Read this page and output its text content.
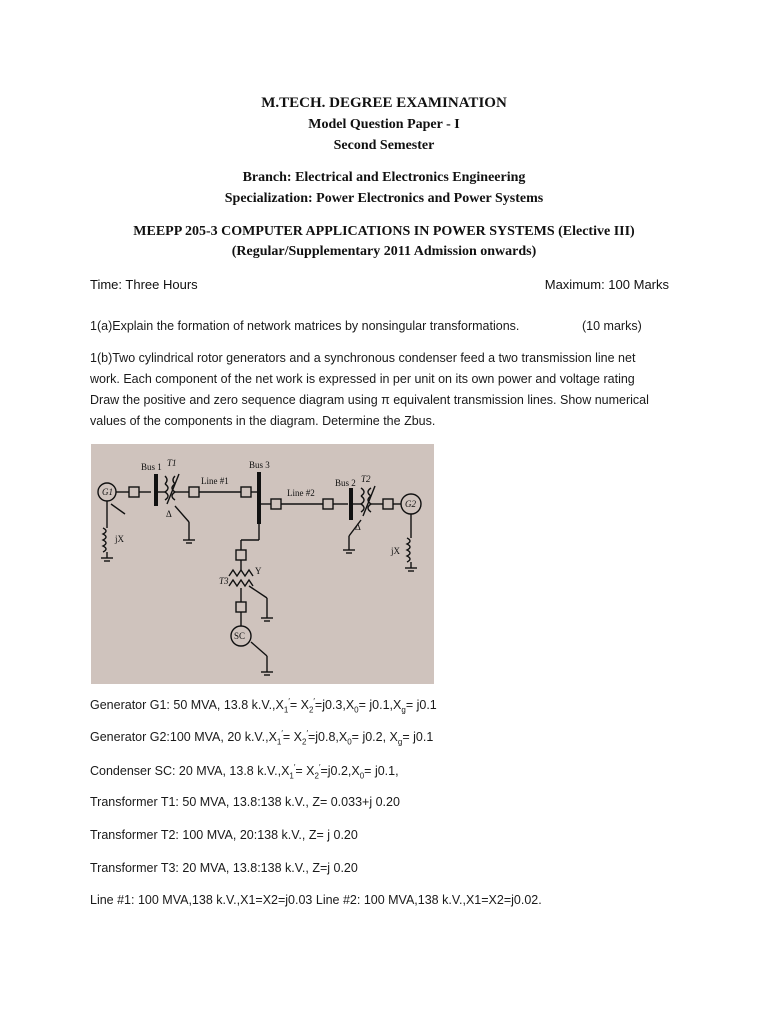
M.TECH. DEGREE EXAMINATION
Model Question Paper - I
Second Semester
Branch: Electrical and Electronics Engineering
Specialization: Power Electronics and Power Systems
MEEPP 205-3 COMPUTER APPLICATIONS IN POWER SYSTEMS (Elective III)
(Regular/Supplementary 2011 Admission onwards)
Time: Three Hours	Maximum: 100 Marks
1(a)Explain the formation of network matrices by nonsingular transformations.	(10 marks)
1(b)Two cylindrical rotor generators and a synchronous condenser feed a two transmission line net
work. Each component of the net work is expressed in per unit on its own power and voltage rating
Draw the positive and zero sequence diagram using π equivalent transmission lines. Show numerical
values of the components in the diagram. Determine the Zbus.
Bus 1 T1
Line #1
Bus 3
Line #2
Bus 2 T2
G1
G2
SC
T3
Δ
Δ
Y
jX
jX
Generator G1: 50 MVA, 13.8 $k.V.,X_1'= X_2'=j0.3,X_0= j0.1,X_g= j0.1$
Generator G2:100 MVA, 20 $k.V.,X_1'= X_2'=j0.8,X_0= j0.2$, $X_g= j0.1$
Condenser SC: 20 MVA, 13.8 $k.V.,X_1'= X_2'=j0.2,X_0= j0.1$,
Transformer T1: 50 MVA, 13.8:138 k.V., Z= 0.033+j 0.20
Transformer T2: 100 MVA, 20:138 k.V., Z= j 0.20
Transformer T3: 20 MVA, 13.8:138 k.V., Z=j 0.20
Line #1: 100 MVA,138 k.V.,X1=X2=j0.03 Line #2: 100 MVA,138 k.V.,X1=X2=j0.02.
